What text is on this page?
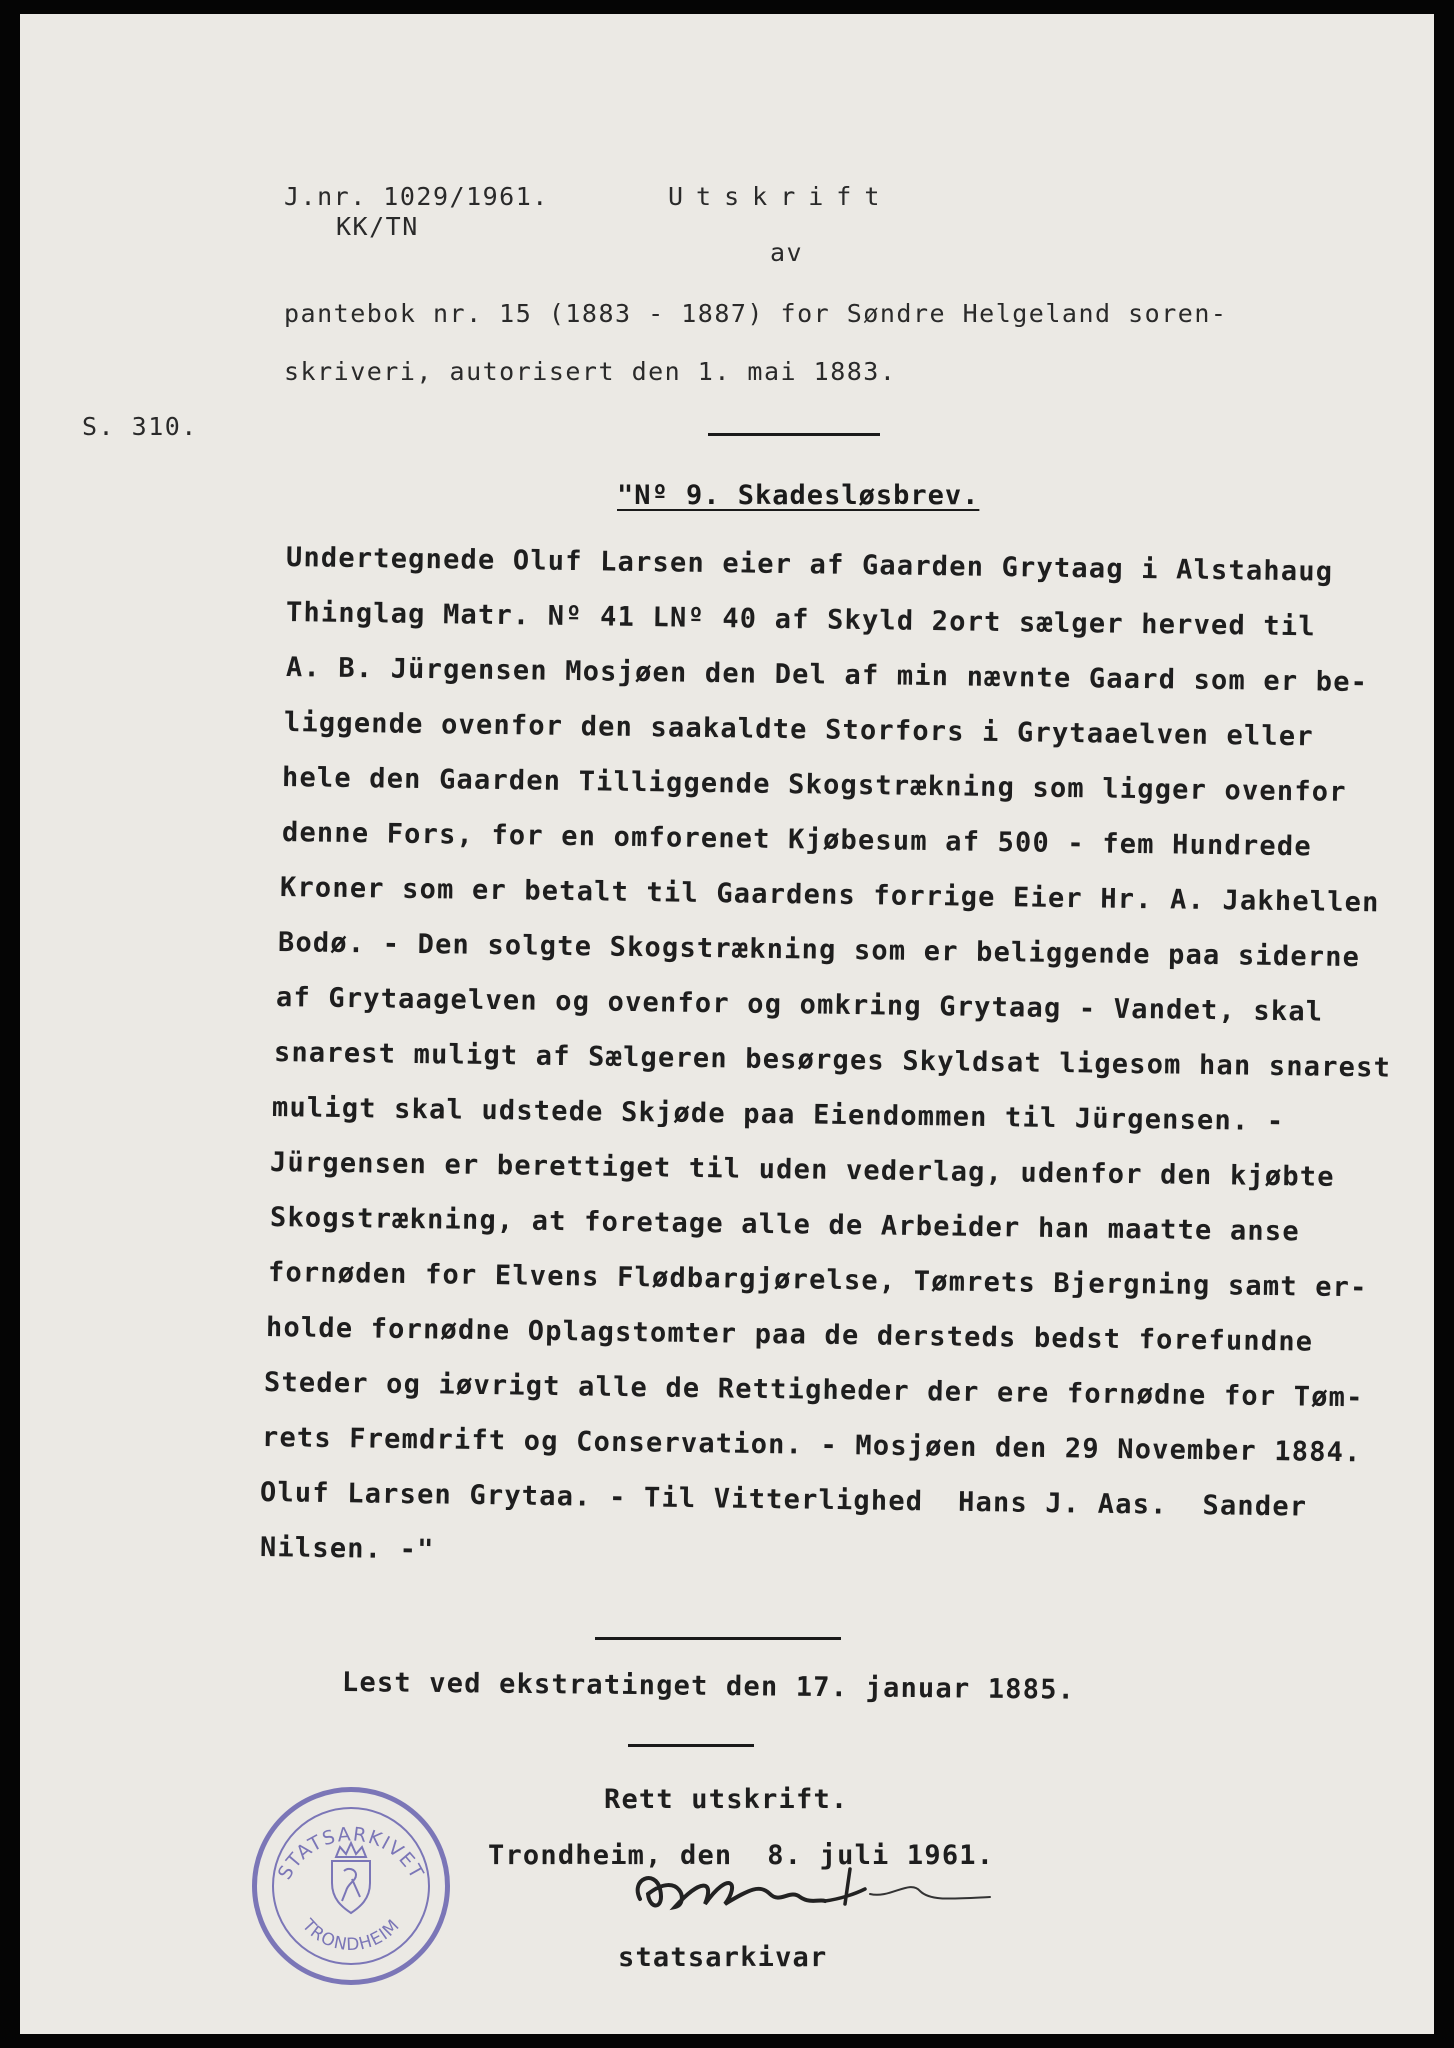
J.nr. 1029/1961.
KK/TN
Utskrift
av
pantebok nr. 15 (1883 - 1887) for Søndre Helgeland soren-
skriveri, autorisert den 1. mai 1883.
S. 310.
"Nº 9. Skadesløsbrev.
Undertegnede Oluf Larsen eier af Gaarden Grytaag i Alstahaug
Thinglag Matr. Nº 41 LNº 40 af Skyld 2ort sælger herved til
A. B. Jürgensen Mosjøen den Del af min nævnte Gaard som er be-
liggende ovenfor den saakaldte Storfors i Grytaaelven eller
hele den Gaarden Tilliggende Skogstrækning som ligger ovenfor
denne Fors, for en omforenet Kjøbesum af 500 - fem Hundrede
Kroner som er betalt til Gaardens forrige Eier Hr. A. Jakhellen
Bodø. - Den solgte Skogstrækning som er beliggende paa siderne
af Grytaagelven og ovenfor og omkring Grytaag - Vandet, skal
snarest muligt af Sælgeren besørges Skyldsat ligesom han snarest
muligt skal udstede Skjøde paa Eiendommen til Jürgensen. -
Jürgensen er berettiget til uden vederlag, udenfor den kjøbte
Skogstrækning, at foretage alle de Arbeider han maatte anse
fornøden for Elvens Flødbargjørelse, Tømrets Bjergning samt er-
holde fornødne Oplagstomter paa de dersteds bedst forefundne
Steder og iøvrigt alle de Rettigheder der ere fornødne for Tøm-
rets Fremdrift og Conservation. - Mosjøen den 29 November 1884.
Oluf Larsen Grytaa. - Til Vitterlighed  Hans J. Aas.  Sander
Nilsen. -"
Lest ved ekstratinget den 17. januar 1885.
Rett utskrift.
Trondheim, den  8. juli 1961.
statsarkivar
STATSARKIVET
TRONDHEIM
